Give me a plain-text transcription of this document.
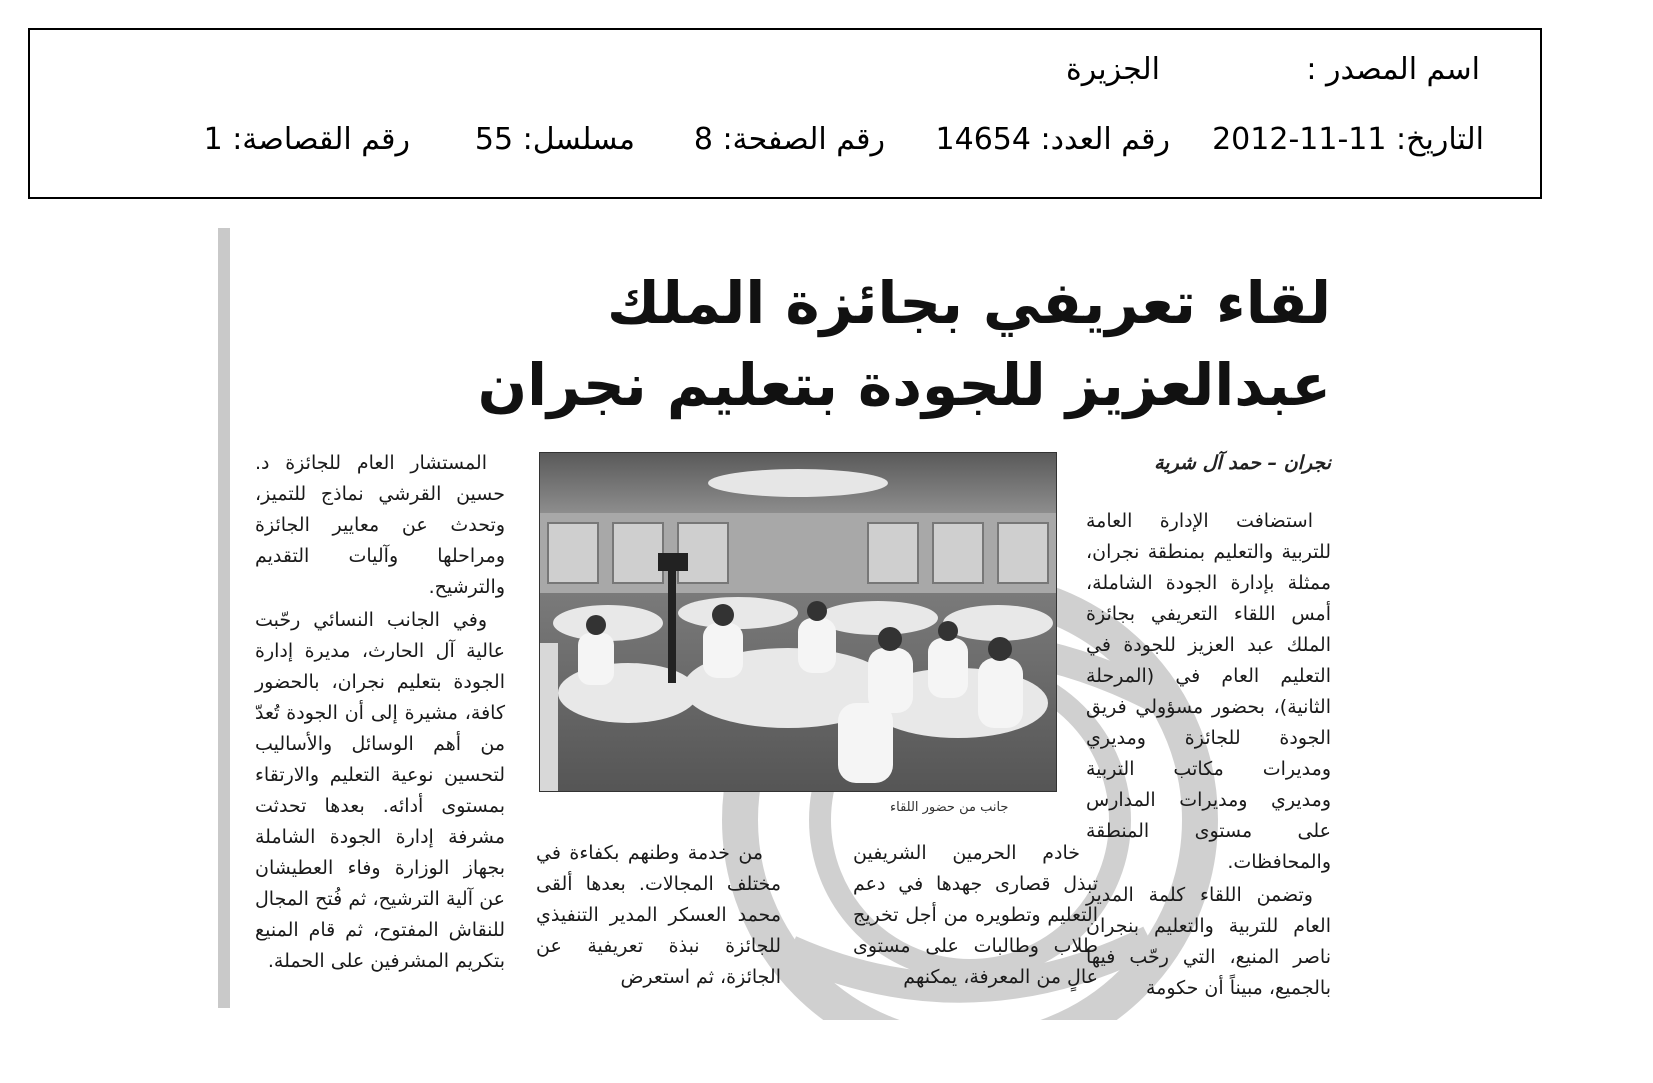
اسم المصدر :
الجزيرة
التاريخ: 11-11-2012
رقم العدد: 14654
رقم الصفحة: 8
مسلسل: 55
رقم القصاصة: 1
لقاء تعريفي بجائزة الملك عبدالعزيز للجودة بتعليم نجران
نجران – حمد آل شرية

استضافت الإدارة العامة للتربية والتعليم بمنطقة نجران، ممثلة بإدارة الجودة الشاملة، أمس اللقاء التعريفي بجائزة الملك عبد العزيز للجودة في التعليم العام في (المرحلة الثانية)، بحضور مسؤولي فريق الجودة للجائزة ومديري ومديرات مكاتب التربية ومديري ومديرات المدارس على مستوى المنطقة والمحافظات.

وتضمن اللقاء كلمة المدير العام للتربية والتعليم بنجران ناصر المنيع، التي رحّب فيها بالجميع، مبيناً أن حكومة

المستشار العام للجائزة د. حسين القرشي نماذج للتميز، وتحدث عن معايير الجائزة ومراحلها وآليات التقديم والترشيح.

وفي الجانب النسائي رحّبت عالية آل الحارث، مديرة إدارة الجودة بتعليم نجران، بالحضور كافة، مشيرة إلى أن الجودة تُعدّ من أهم الوسائل والأساليب لتحسين نوعية التعليم والارتقاء بمستوى أدائه. بعدها تحدثت مشرفة إدارة الجودة الشاملة بجهاز الوزارة وفاء العطيشان عن آلية الترشيح، ثم فُتح المجال للنقاش المفتوح، ثم قام المنيع بتكريم المشرفين على الحملة.

خادم الحرمين الشريفين تبذل قصارى جهدها في دعم التعليم وتطويره من أجل تخريج طلاب وطالبات على مستوى عالٍ من المعرفة، يمكنهم

من خدمة وطنهم بكفاءة في مختلف المجالات. بعدها ألقى محمد العسكر المدير التنفيذي للجائزة نبذة تعريفية عن الجائزة، ثم استعرض

جانب من حضور اللقاء
